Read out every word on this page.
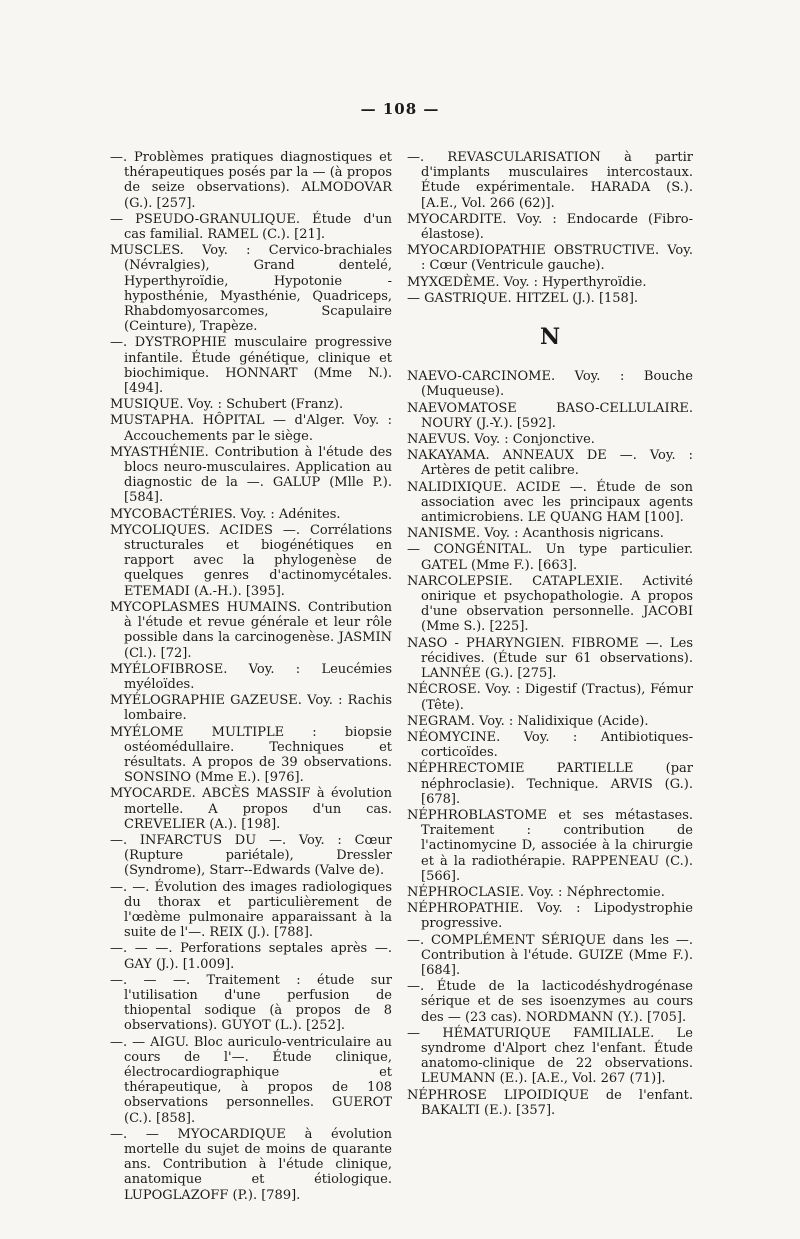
— 108 —

—. Problèmes pratiques diagnostiques et thérapeutiques posés par la — (à propos de seize observations). ALMODOVAR (G.). [257].

— PSEUDO-GRANULIQUE. Étude d'un cas familial. RAMEL (C.). [21].

MUSCLES. Voy. : Cervico-brachiales (Névralgies), Grand dentelé, Hyperthyroïdie, Hypotonie - hyposthénie, Myasthénie, Quadriceps, Rhabdomyosarcomes, Scapulaire (Ceinture), Trapèze.

—. DYSTROPHIE musculaire progressive infantile. Étude génétique, clinique et biochimique. HONNART (Mme N.). [494].

MUSIQUE. Voy. : Schubert (Franz).

MUSTAPHA. HÔPITAL — d'Alger. Voy. : Accouchements par le siège.

MYASTHÉNIE. Contribution à l'étude des blocs neuro-musculaires. Application au diagnostic de la —. GALUP (Mlle P.). [584].

MYCOBACTÉRIES. Voy. : Adénites.

MYCOLIQUES. ACIDES —. Corrélations structurales et biogénétiques en rapport avec la phylogenèse de quelques genres d'actinomycétales. ETEMADI (A.-H.). [395].

MYCOPLASMES HUMAINS. Contribution à l'étude et revue générale et leur rôle possible dans la carcinogenèse. JASMIN (Cl.). [72].

MYÉLOFIBROSE. Voy. : Leucémies myéloïdes.

MYÉLOGRAPHIE GAZEUSE. Voy. : Rachis lombaire.

MYÉLOME MULTIPLE : biopsie ostéomédullaire. Techniques et résultats. A propos de 39 observations. SONSINO (Mme E.). [976].

MYOCARDE. ABCÈS MASSIF à évolution mortelle. A propos d'un cas. CREVELIER (A.). [198].

—. INFARCTUS DU —. Voy. : Cœur (Rupture pariétale), Dressler (Syndrome), Starr--Edwards (Valve de).

—. —. Évolution des images radiologiques du thorax et particulièrement de l'œdème pulmonaire apparaissant à la suite de l'—. REIX (J.). [788].

—. — —. Perforations septales après —. GAY (J.). [1.009].

—. — —. Traitement : étude sur l'utilisation d'une perfusion de thiopental sodique (à propos de 8 observations). GUYOT (L.). [252].

—. — AIGU. Bloc auriculo-ventriculaire au cours de l'—. Étude clinique, électrocardiographique et thérapeutique, à propos de 108 observations personnelles. GUEROT (C.). [858].

—. — MYOCARDIQUE à évolution mortelle du sujet de moins de quarante ans. Contribution à l'étude clinique, anatomique et étiologique. LUPOGLAZOFF (P.). [789].

—. REVASCULARISATION à partir d'implants musculaires intercostaux. Étude expérimentale. HARADA (S.). [A.E., Vol. 266 (62)].

MYOCARDITE. Voy. : Endocarde (Fibro-élastose).

MYOCARDIOPATHIE OBSTRUCTIVE. Voy. : Cœur (Ventricule gauche).

MYXŒDÈME. Voy. : Hyperthyroïdie.

— GASTRIQUE. HITZEL (J.). [158].

N

NAEVO-CARCINOME. Voy. : Bouche (Muqueuse).

NAEVOMATOSE BASO-CELLULAIRE. NOURY (J.-Y.). [592].

NAEVUS. Voy. : Conjonctive.

NAKAYAMA. ANNEAUX DE —. Voy. : Artères de petit calibre.

NALIDIXIQUE. ACIDE —. Étude de son association avec les principaux agents antimicrobiens. LE QUANG HAM [100].

NANISME. Voy. : Acanthosis nigricans.

— CONGÉNITAL. Un type particulier. GATEL (Mme F.). [663].

NARCOLEPSIE. CATAPLEXIE. Activité onirique et psychopathologie. A propos d'une observation personnelle. JACOBI (Mme S.). [225].

NASO - PHARYNGIEN. FIBROME —. Les récidives. (Étude sur 61 observations). LANNÉE (G.). [275].

NÉCROSE. Voy. : Digestif (Tractus), Fémur (Tête).

NEGRAM. Voy. : Nalidixique (Acide).

NÉOMYCINE. Voy. : Antibiotiques-corticoïdes.

NÉPHRECTOMIE PARTIELLE (par néphroclasie). Technique. ARVIS (G.). [678].

NÉPHROBLASTOME et ses métastases. Traitement : contribution de l'actinomycine D, associée à la chirurgie et à la radiothérapie. RAPPENEAU (C.). [566].

NÉPHROCLASIE. Voy. : Néphrectomie.

NÉPHROPATHIE. Voy. : Lipodystrophie progressive.

—. COMPLÉMENT SÉRIQUE dans les —. Contribution à l'étude. GUIZE (Mme F.). [684].

—. Étude de la lacticodéshydrogénase sérique et de ses isoenzymes au cours des — (23 cas). NORDMANN (Y.). [705].

— HÉMATURIQUE FAMILIALE. Le syndrome d'Alport chez l'enfant. Étude anatomo-clinique de 22 observations. LEUMANN (E.). [A.E., Vol. 267 (71)].

NÉPHROSE LIPOIDIQUE de l'enfant. BAKALTI (E.). [357].
